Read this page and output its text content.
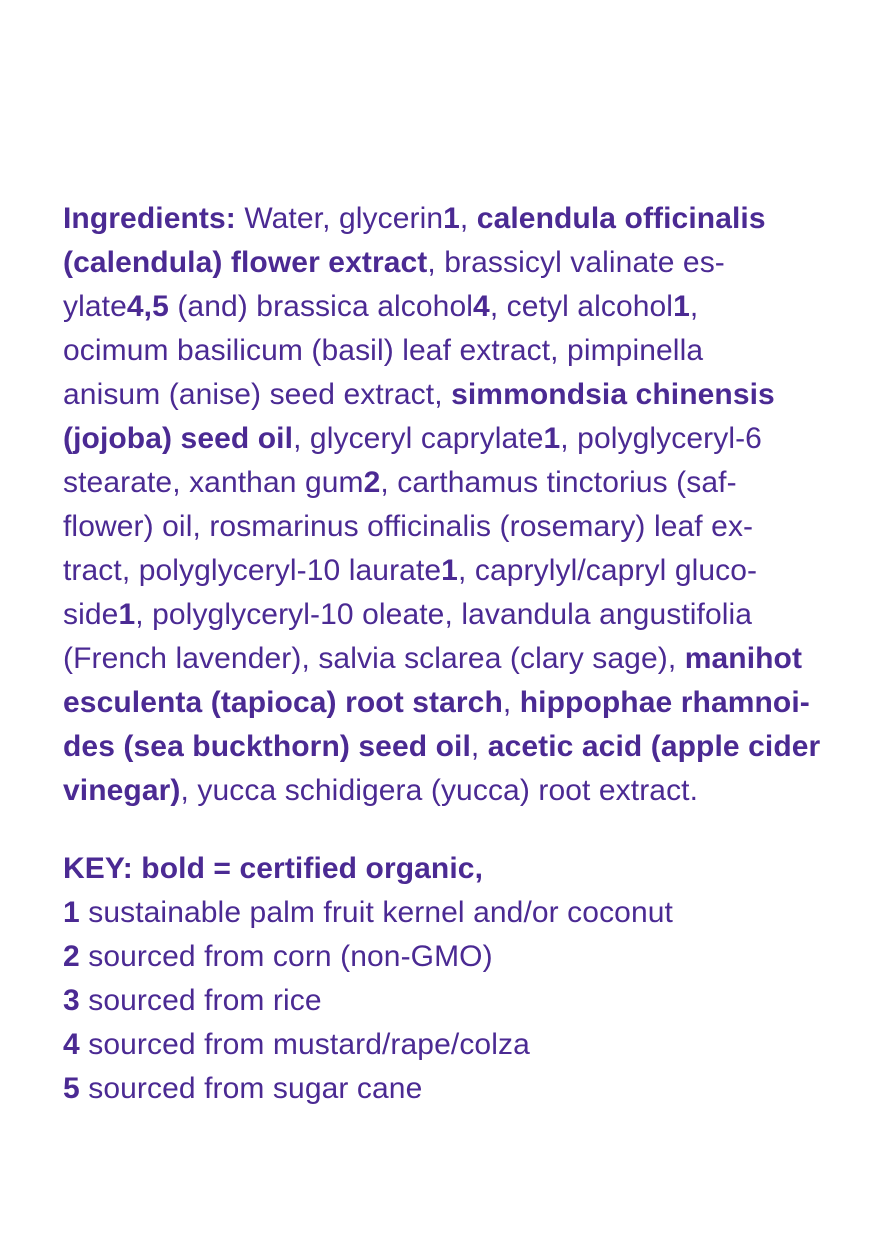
Ingredients: Water, glycerin1, calendula officinalis
(calendula) flower extract, brassicyl valinate es-
ylate4,5 (and) brassica alcohol4, cetyl alcohol1,
ocimum basilicum (basil) leaf extract, pimpinella
anisum (anise) seed extract, simmondsia chinensis
(jojoba) seed oil, glyceryl caprylate1, polyglyceryl-6
stearate, xanthan gum2, carthamus tinctorius (saf-
flower) oil, rosmarinus officinalis (rosemary) leaf ex-
tract, polyglyceryl-10 laurate1, caprylyl/capryl gluco-
side1, polyglyceryl-10 oleate, lavandula angustifolia
(French lavender), salvia sclarea (clary sage), manihot
esculenta (tapioca) root starch, hippophae rhamnoi-
des (sea buckthorn) seed oil, acetic acid (apple cider
vinegar), yucca schidigera (yucca) root extract.
KEY: bold = certified organic,
1 sustainable palm fruit kernel and/or coconut
2 sourced from corn (non-GMO)
3 sourced from rice
4 sourced from mustard/rape/colza
5 sourced from sugar cane
